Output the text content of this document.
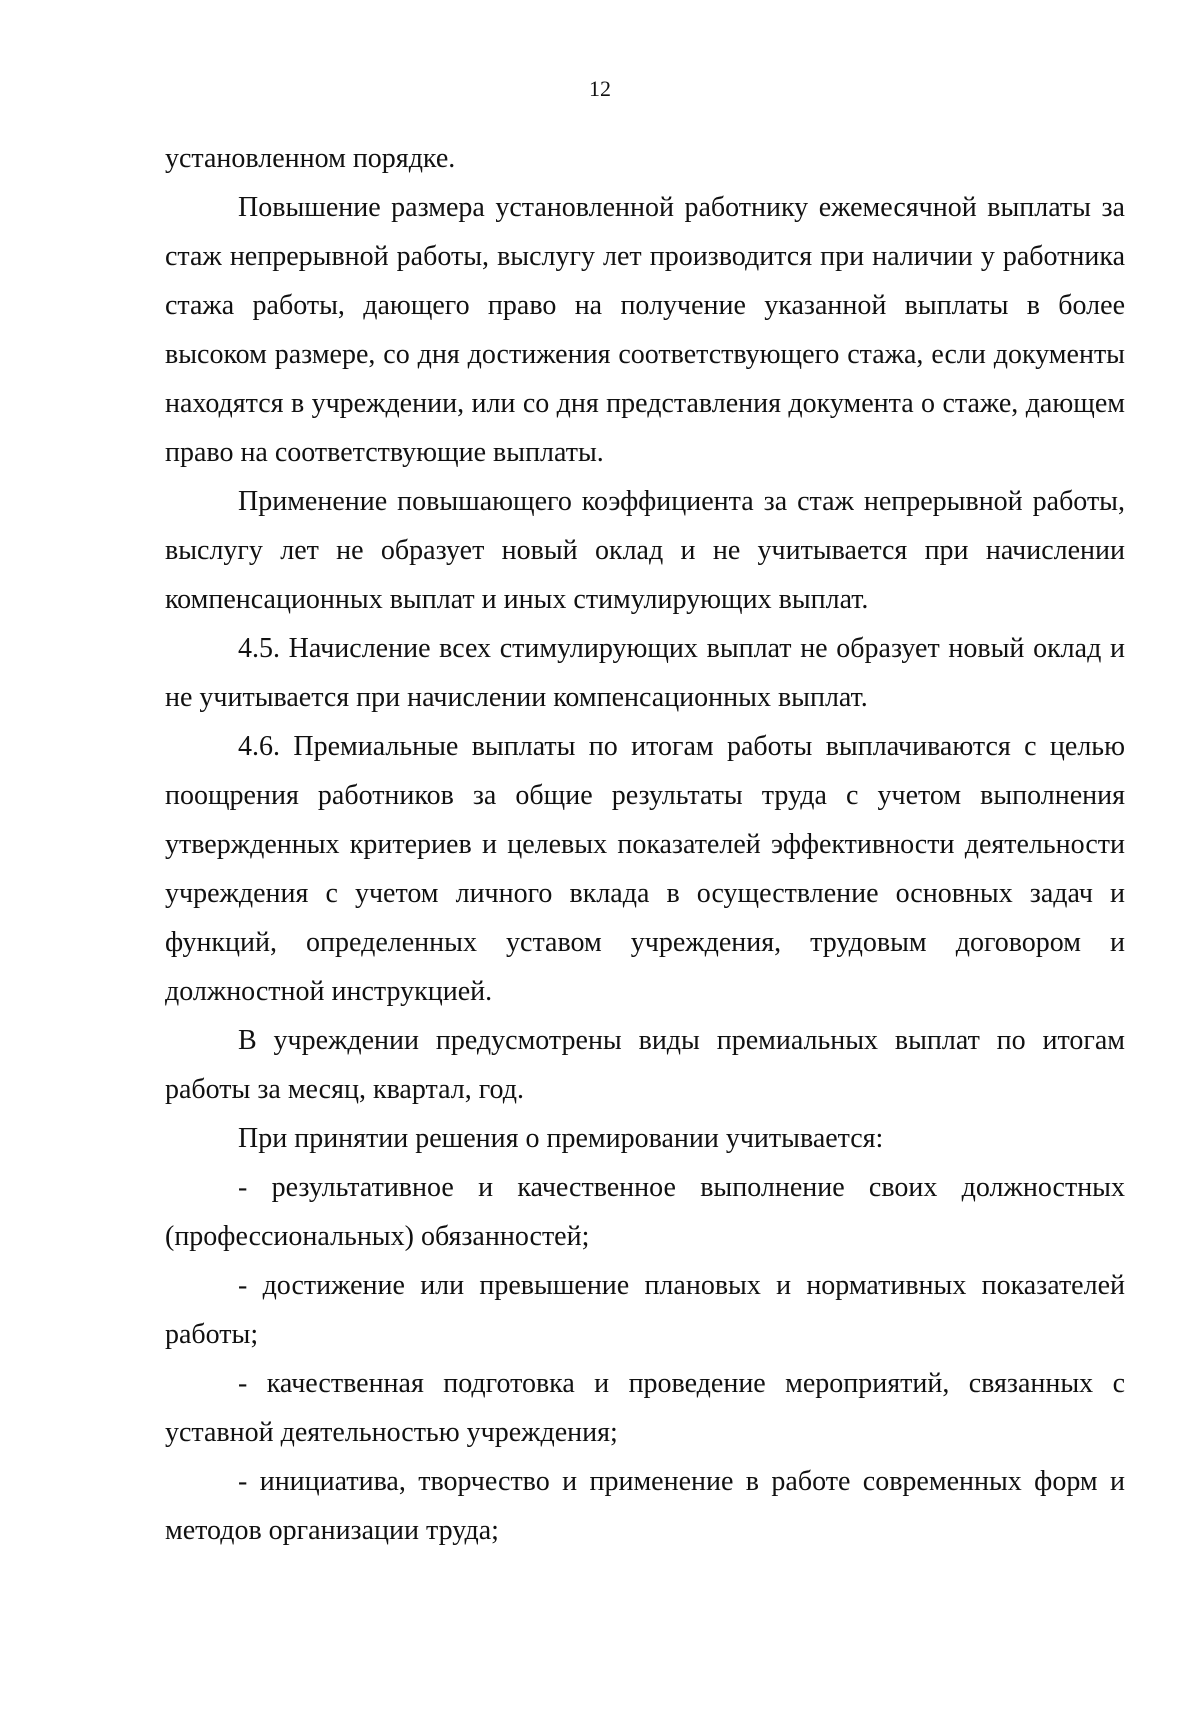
12

установленном порядке.

Повышение размера установленной работнику ежемесячной выплаты за стаж непрерывной работы, выслугу лет производится при наличии у работника стажа работы, дающего право на получение указанной выплаты в более высоком размере, со дня достижения соответствующего стажа, если документы находятся в учреждении, или со дня представления документа о стаже, дающем право на соответствующие выплаты.

Применение повышающего коэффициента за стаж непрерывной работы, выслугу лет не образует новый оклад и не учитывается при начислении компенсационных выплат и иных стимулирующих выплат.

4.5. Начисление всех стимулирующих выплат не образует новый оклад и не учитывается при начислении компенсационных выплат.

4.6. Премиальные выплаты по итогам работы выплачиваются с целью поощрения работников за общие результаты труда с учетом выполнения утвержденных критериев и целевых показателей эффективности деятельности учреждения с учетом личного вклада в осуществление основных задач и функций, определенных уставом учреждения, трудовым договором и должностной инструкцией.

В учреждении предусмотрены виды премиальных выплат по итогам работы за месяц, квартал, год.

При принятии решения о премировании учитывается:

- результативное и качественное выполнение своих должностных (профессиональных) обязанностей;

- достижение или превышение плановых и нормативных показателей работы;

- качественная подготовка и проведение мероприятий, связанных с уставной деятельностью учреждения;

- инициатива, творчество и применение в работе современных форм и методов организации труда;
